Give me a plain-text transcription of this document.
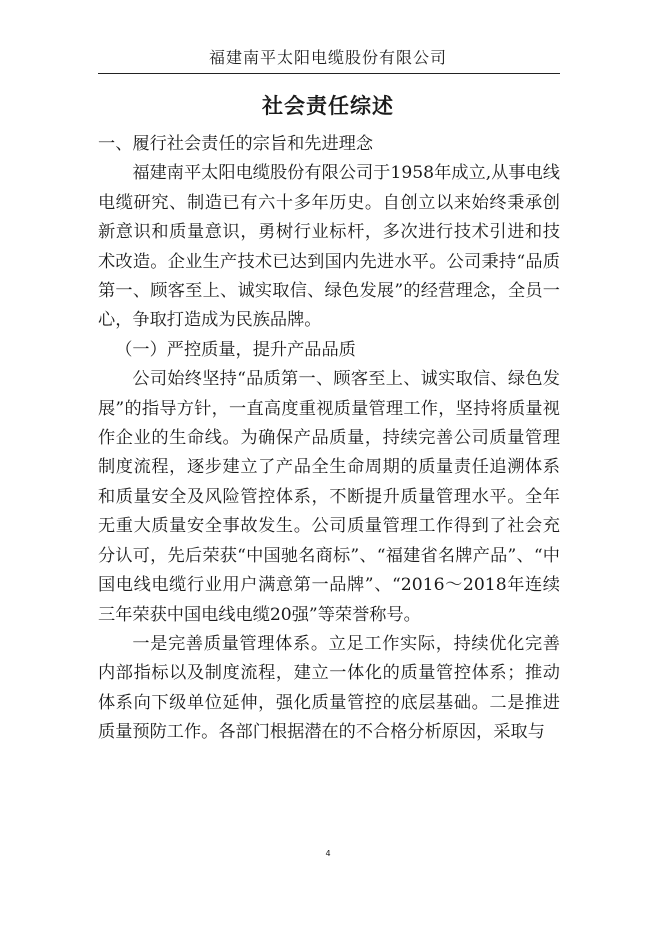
福建南平太阳电缆股份有限公司
社会责任综述

一、履行社会责任的宗旨和先进理念

福建南平太阳电缆股份有限公司于1958年成立,从事电线电缆研究、制造已有六十多年历史。自创立以来始终秉承创新意识和质量意识，勇树行业标杆，多次进行技术引进和技术改造。企业生产技术已达到国内先进水平。公司秉持“品质第一、顾客至上、诚实取信、绿色发展”的经营理念，全员一心，争取打造成为民族品牌。

（一）严控质量，提升产品品质

公司始终坚持“品质第一、顾客至上、诚实取信、绿色发展”的指导方针，一直高度重视质量管理工作，坚持将质量视作企业的生命线。为确保产品质量，持续完善公司质量管理制度流程，逐步建立了产品全生命周期的质量责任追溯体系和质量安全及风险管控体系，不断提升质量管理水平。全年无重大质量安全事故发生。公司质量管理工作得到了社会充分认可，先后荣获“中国驰名商标”、“福建省名牌产品”、“中国电线电缆行业用户满意第一品牌”、“2016～2018年连续三年荣获中国电线电缆20强”等荣誉称号。

一是完善质量管理体系。立足工作实际，持续优化完善内部指标以及制度流程，建立一体化的质量管控体系；推动体系向下级单位延伸，强化质量管控的底层基础。二是推进质量预防工作。各部门根据潜在的不合格分析原因，采取与

4
